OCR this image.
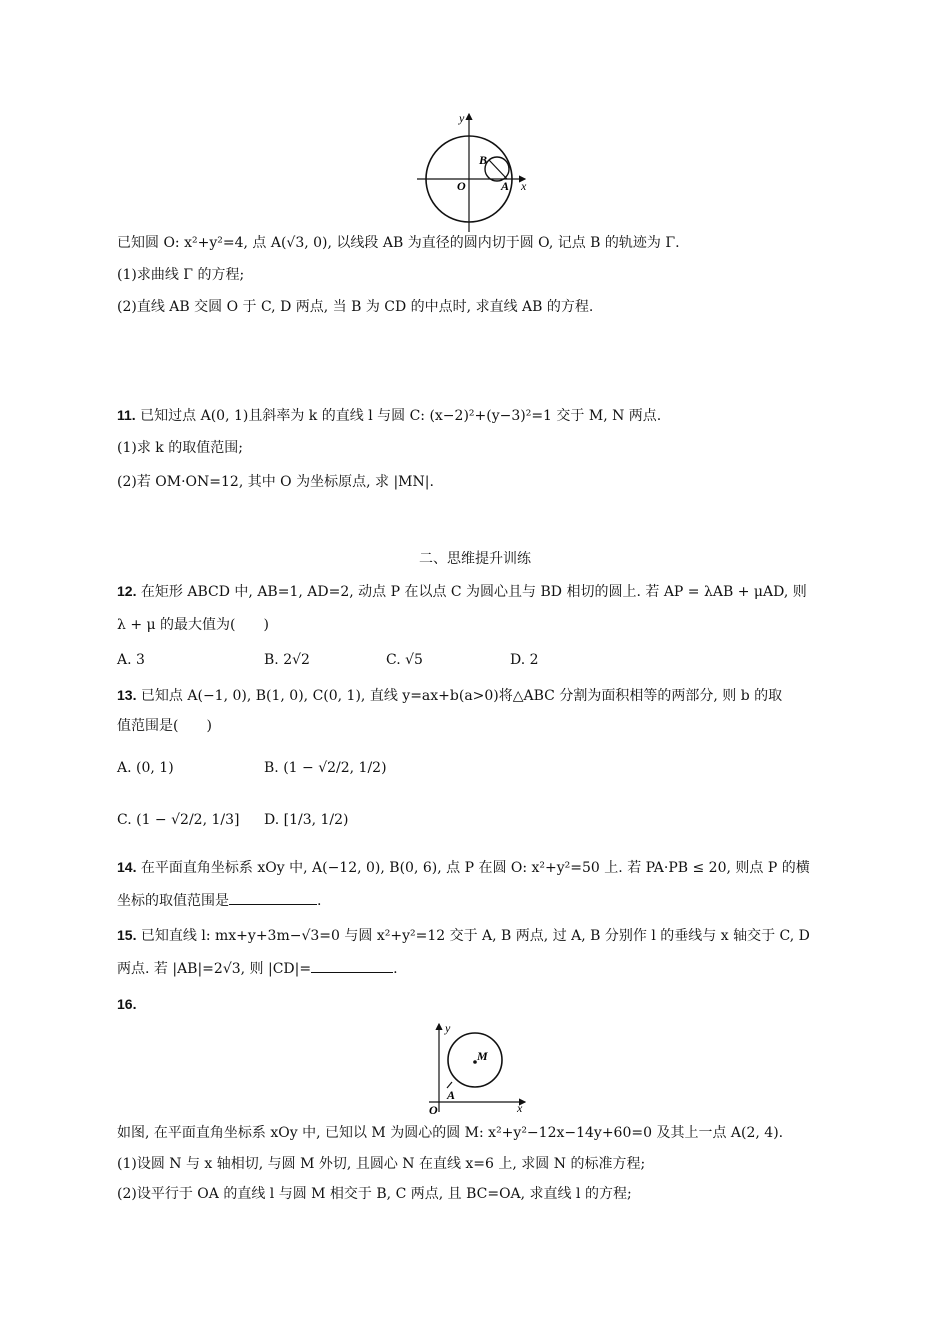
y
x
O	A
B
已知圆 O: x²+y²=4, 点 A(√3, 0), 以线段 AB 为直径的圆内切于圆 O, 记点 B 的轨迹为 Γ.
(1)求曲线 Γ 的方程;
(2)直线 AB 交圆 O 于 C, D 两点, 当 B 为 CD 的中点时, 求直线 AB 的方程.
11. 已知过点 A(0, 1)且斜率为 k 的直线 l 与圆 C: (x−2)²+(y−3)²=1 交于 M, N 两点.
(1)求 k 的取值范围;
(2)若 OM·ON=12, 其中 O 为坐标原点, 求 |MN|.
二、思维提升训练
12. 在矩形 ABCD 中, AB=1, AD=2, 动点 P 在以点 C 为圆心且与 BD 相切的圆上. 若 AP = λAB + μAD, 则
λ + μ 的最大值为(　　)
A. 3	B. 2√2	C. √5	D. 2
13. 已知点 A(−1, 0), B(1, 0), C(0, 1), 直线 y=ax+b(a>0)将△ABC 分割为面积相等的两部分, 则 b 的取
值范围是(　　)
A. (0, 1)	B. (1 − √2/2, 1/2)
C. (1 − √2/2, 1/3] D. [1/3, 1/2)
14. 在平面直角坐标系 xOy 中, A(−12, 0), B(0, 6), 点 P 在圆 O: x²+y²=50 上. 若 PA·PB ≤ 20, 则点 P 的横
坐标的取值范围是	.
15. 已知直线 l: mx+y+3m−√3=0 与圆 x²+y²=12 交于 A, B 两点, 过 A, B 分别作 l 的垂线与 x 轴交于 C, D
两点. 若 |AB|=2√3, 则 |CD|=	.
16.
y
x
O
M
A
如图, 在平面直角坐标系 xOy 中, 已知以 M 为圆心的圆 M: x²+y²−12x−14y+60=0 及其上一点 A(2, 4).
(1)设圆 N 与 x 轴相切, 与圆 M 外切, 且圆心 N 在直线 x=6 上, 求圆 N 的标准方程;
(2)设平行于 OA 的直线 l 与圆 M 相交于 B, C 两点, 且 BC=OA, 求直线 l 的方程;
